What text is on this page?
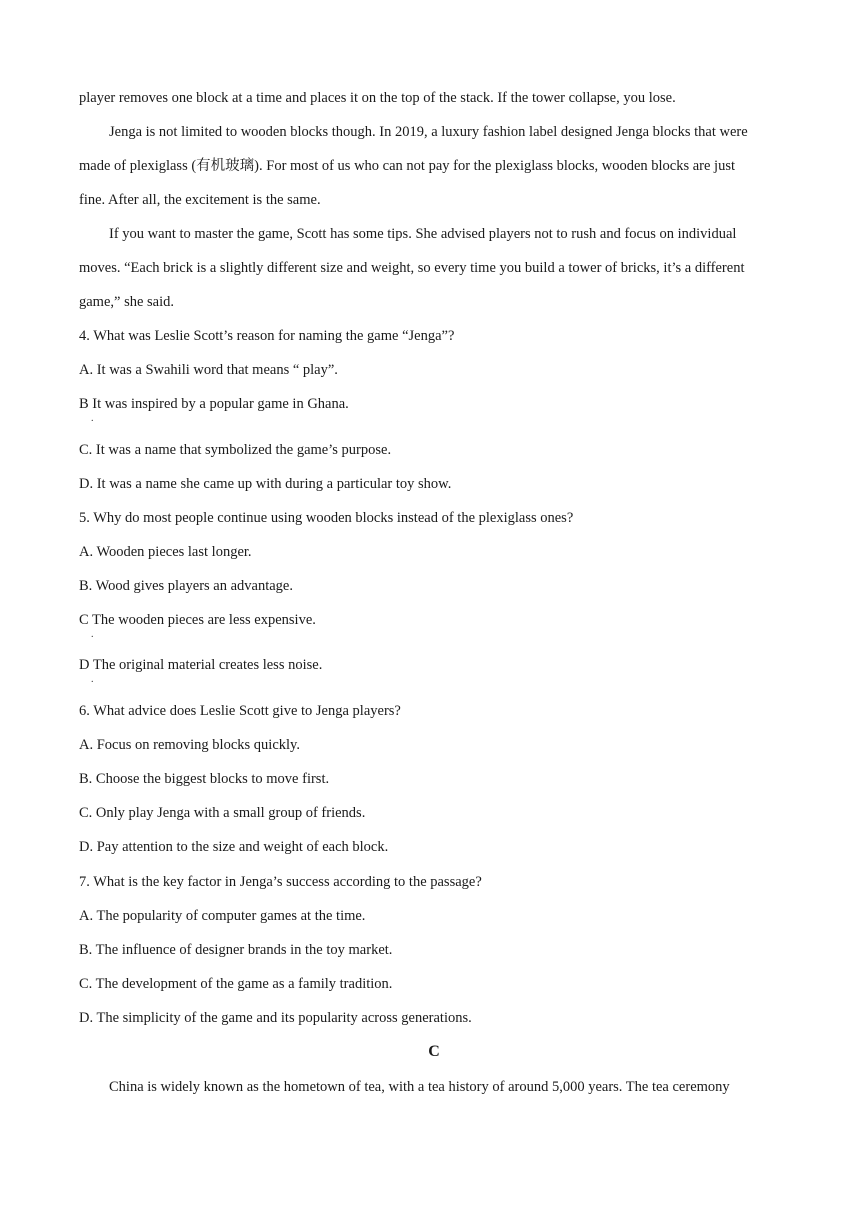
player removes one block at a time and places it on the top of the stack. If the tower collapse, you lose.
Jenga is not limited to wooden blocks though. In 2019, a luxury fashion label designed Jenga blocks that were
made of plexiglass (有机玻璃). For most of us who can not pay for the plexiglass blocks, wooden blocks are just
fine. After all, the excitement is the same.
If you want to master the game, Scott has some tips. She advised players not to rush and focus on individual
moves. “Each brick is a slightly different size and weight, so every time you build a tower of bricks, it’s a different
game,” she said.
4. What was Leslie Scott’s reason for naming the game “Jenga”?
A. It was a Swahili word that means “ play”.
B It was inspired by a popular game in Ghana.
.
C. It was a name that symbolized the game’s purpose.
D. It was a name she came up with during a particular toy show.
5. Why do most people continue using wooden blocks instead of the plexiglass ones?
A. Wooden pieces last longer.
B. Wood gives players an advantage.
C The wooden pieces are less expensive.
.
D The original material creates less noise.
.
6. What advice does Leslie Scott give to Jenga players?
A. Focus on removing blocks quickly.
B. Choose the biggest blocks to move first.
C. Only play Jenga with a small group of friends.
D. Pay attention to the size and weight of each block.
7. What is the key factor in Jenga’s success according to the passage?
A. The popularity of computer games at the time.
B. The influence of designer brands in the toy market.
C. The development of the game as a family tradition.
D. The simplicity of the game and its popularity across generations.
C
China is widely known as the hometown of tea, with a tea history of around 5,000 years. The tea ceremony
